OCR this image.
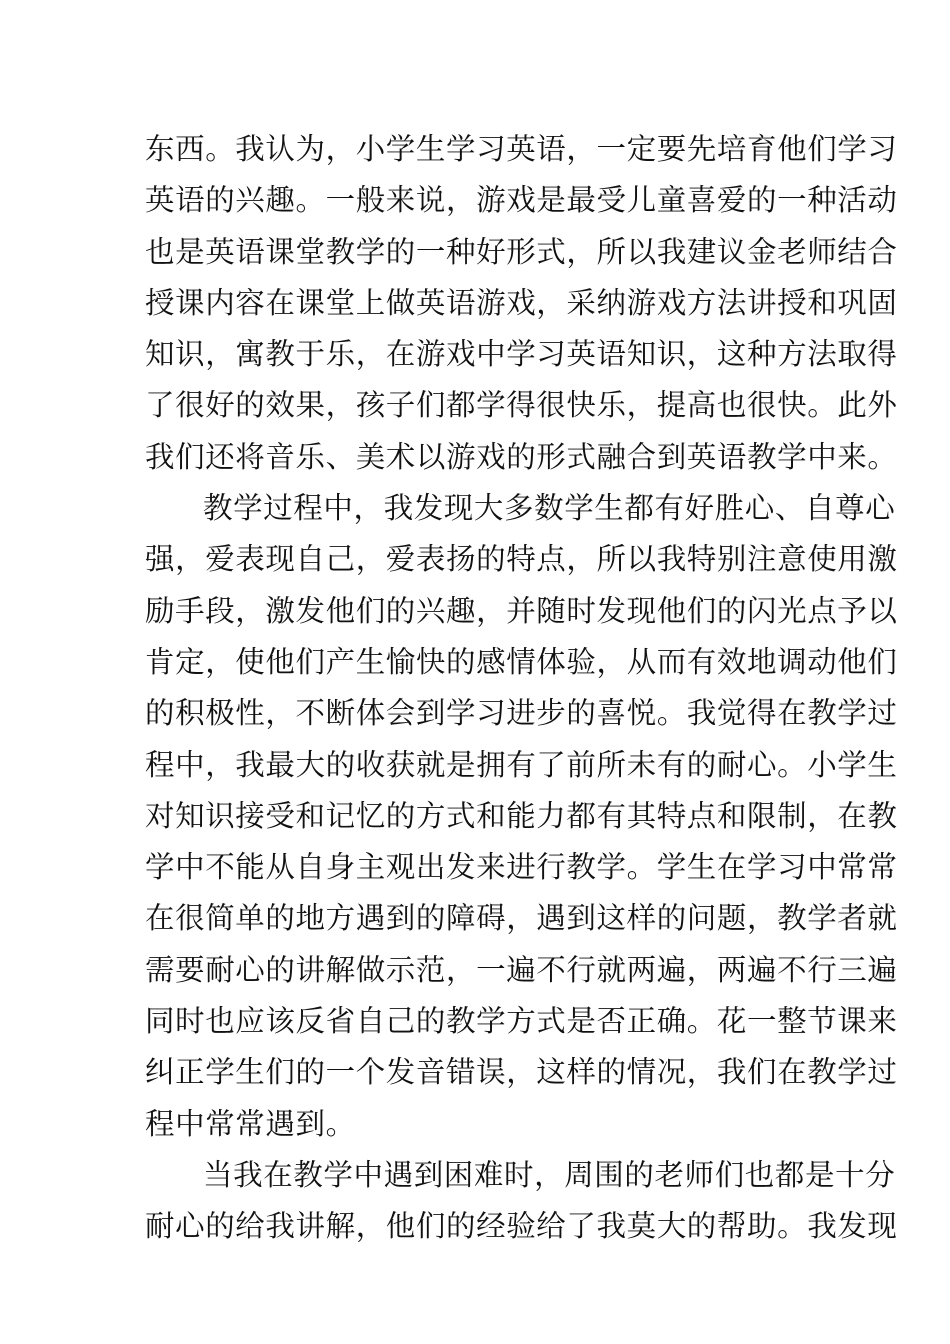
东西。我认为，小学生学习英语，一定要先培育他们学习
英语的兴趣。一般来说，游戏是最受儿童喜爱的一种活动
也是英语课堂教学的一种好形式，所以我建议金老师结合
授课内容在课堂上做英语游戏，采纳游戏方法讲授和巩固
知识，寓教于乐，在游戏中学习英语知识，这种方法取得
了很好的效果，孩子们都学得很快乐，提高也很快。此外
我们还将音乐、美术以游戏的形式融合到英语教学中来。
教学过程中，我发现大多数学生都有好胜心、自尊心
强，爱表现自己，爱表扬的特点，所以我特别注意使用激
励手段，激发他们的兴趣，并随时发现他们的闪光点予以
肯定，使他们产生愉快的感情体验，从而有效地调动他们
的积极性，不断体会到学习进步的喜悦。我觉得在教学过
程中，我最大的收获就是拥有了前所未有的耐心。小学生
对知识接受和记忆的方式和能力都有其特点和限制，在教
学中不能从自身主观出发来进行教学。学生在学习中常常
在很简单的地方遇到的障碍，遇到这样的问题，教学者就
需要耐心的讲解做示范，一遍不行就两遍，两遍不行三遍
同时也应该反省自己的教学方式是否正确。花一整节课来
纠正学生们的一个发音错误，这样的情况，我们在教学过
程中常常遇到。
当我在教学中遇到困难时，周围的老师们也都是十分
耐心的给我讲解，他们的经验给了我莫大的帮助。我发现
